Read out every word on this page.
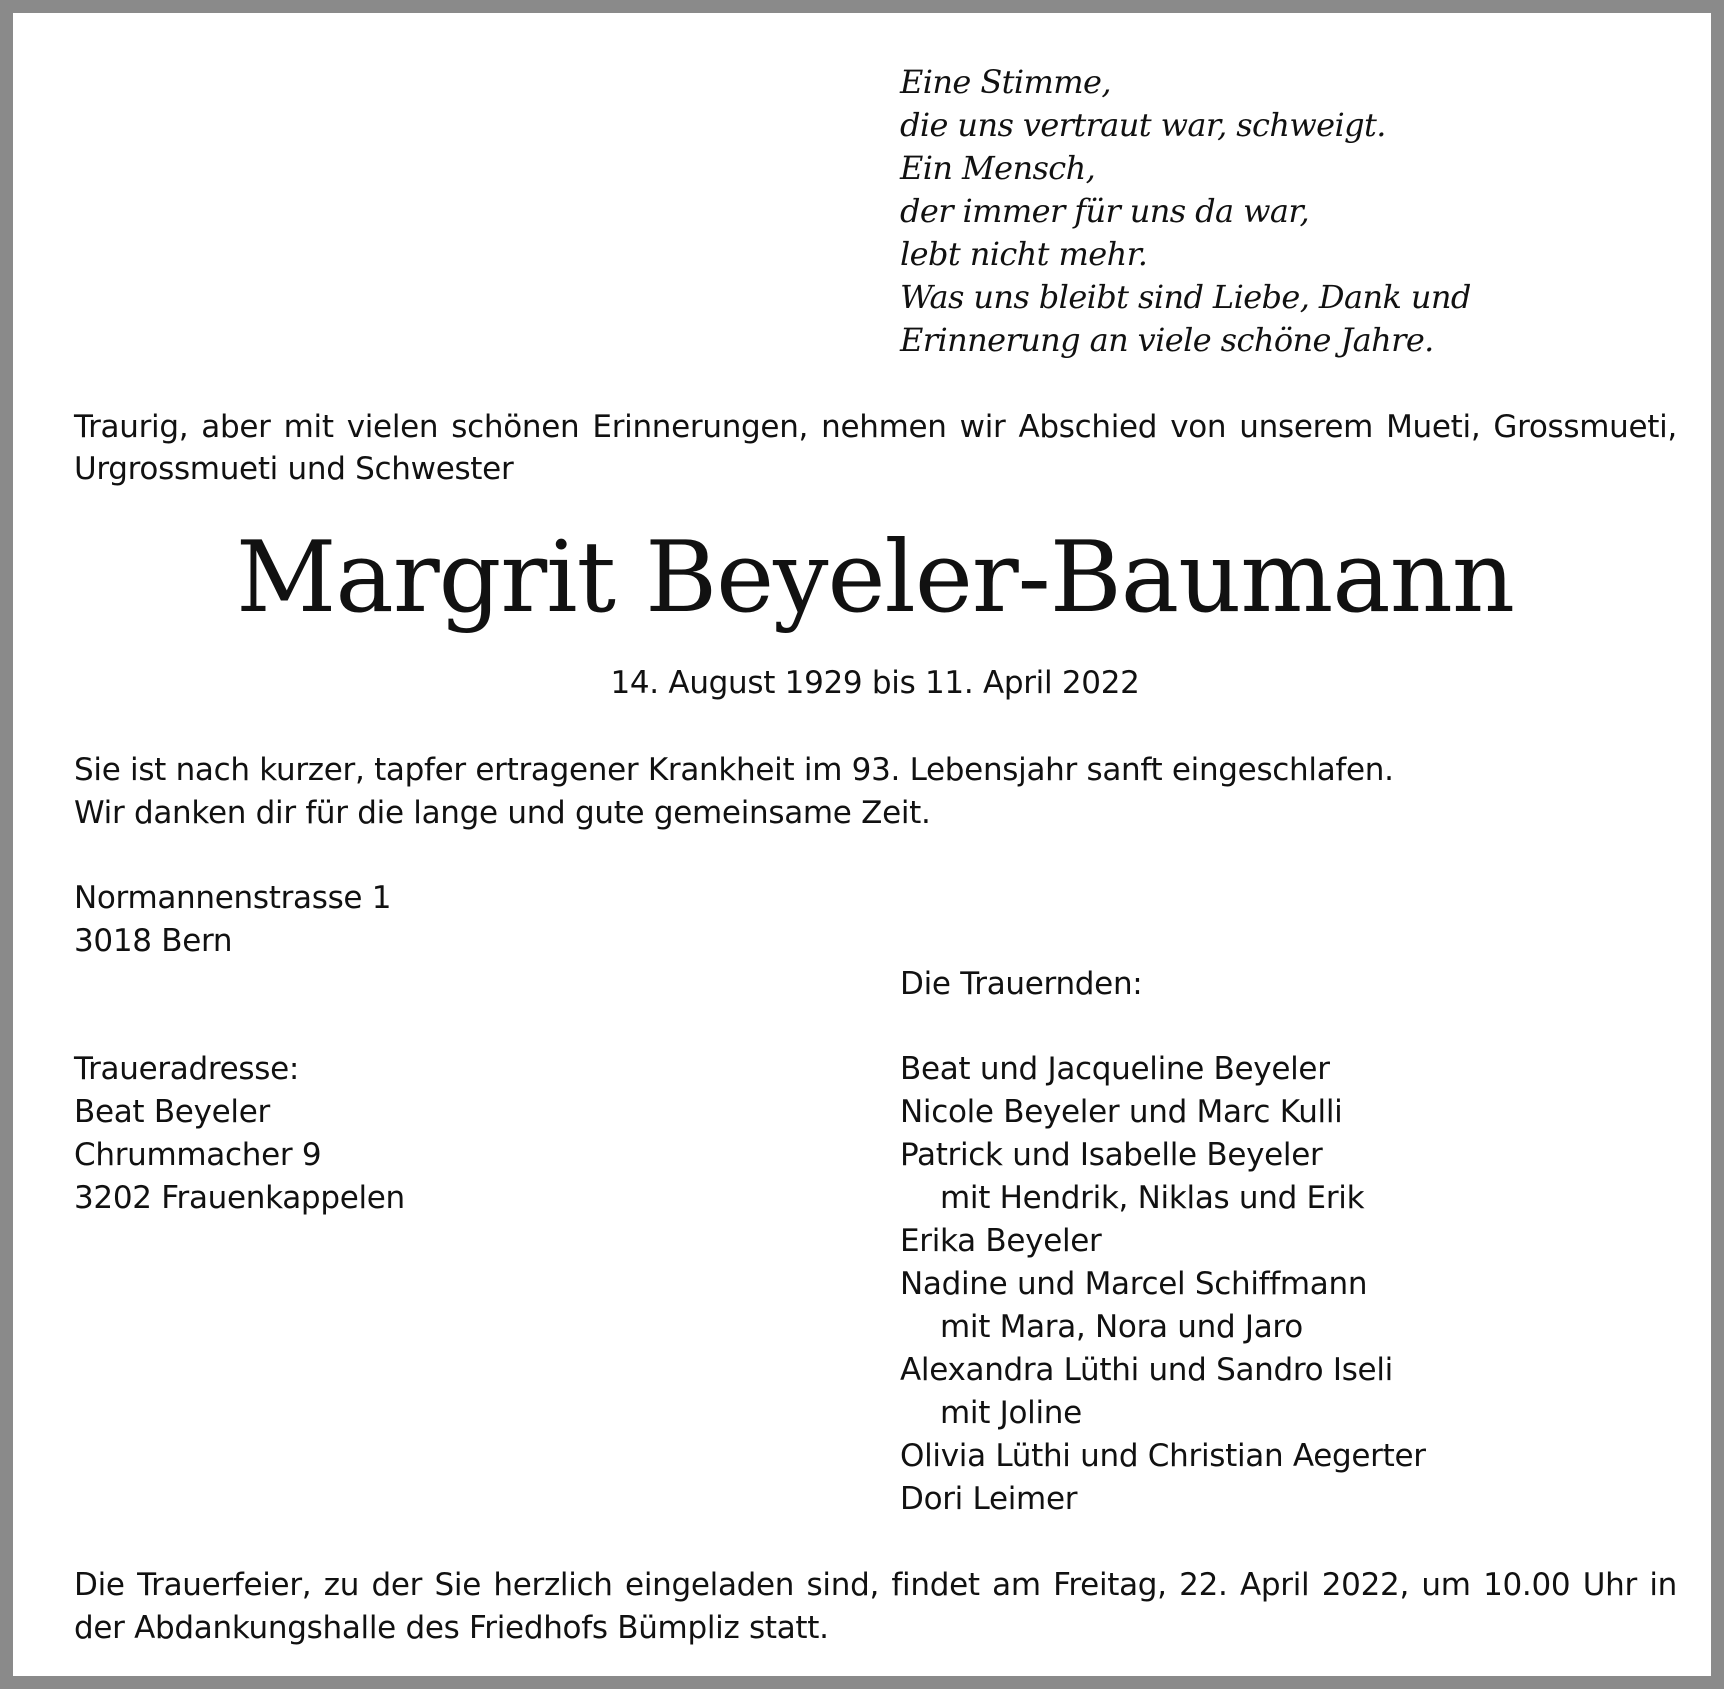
Eine Stimme,
die uns vertraut war, schweigt.
Ein Mensch,
der immer für uns da war,
lebt nicht mehr.
Was uns bleibt sind Liebe, Dank und
Erinnerung an viele schöne Jahre.
Traurig, aber mit vielen schönen Erinnerungen, nehmen wir Abschied von unserem Mueti, Grossmueti, Urgrossmueti und Schwester
Margrit Beyeler-Baumann
14. August 1929 bis 11. April 2022
Sie ist nach kurzer, tapfer ertragener Krankheit im 93. Lebensjahr sanft eingeschlafen.
Wir danken dir für die lange und gute gemeinsame Zeit.
Normannenstrasse 1
3018 Bern
Traueradresse:
Beat Beyeler
Chrummacher 9
3202 Frauenkappelen
Die Trauernden:
Beat und Jacqueline Beyeler
Nicole Beyeler und Marc Kulli
Patrick und Isabelle Beyeler
mit Hendrik, Niklas und Erik
Erika Beyeler
Nadine und Marcel Schiffmann
mit Mara, Nora und Jaro
Alexandra Lüthi und Sandro Iseli
mit Joline
Olivia Lüthi und Christian Aegerter
Dori Leimer
Die Trauerfeier, zu der Sie herzlich eingeladen sind, findet am Freitag, 22. April 2022, um 10.00 Uhr in der Abdankungshalle des Friedhofs Bümpliz statt.
